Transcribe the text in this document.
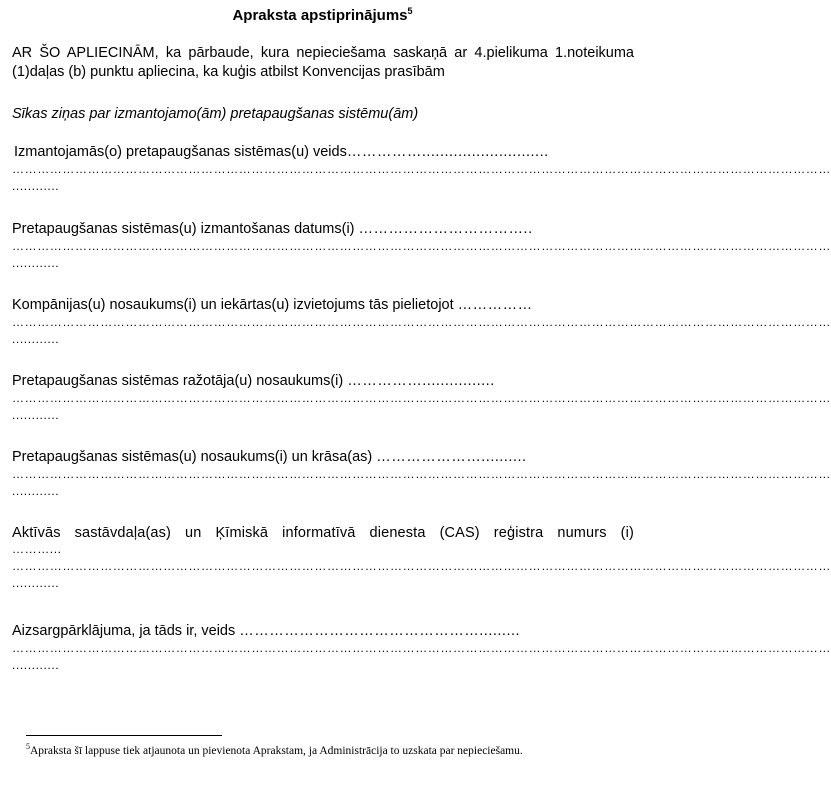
Apraksta apstiprinājums$^5$
AR ŠO APLIECINĀM, ka pārbaude, kura nepieciešama saskaņā ar 4.pielikuma 1.noteikuma (1)daļas (b) punktu apliecina, ka kuģis atbilst Konvencijas prasībām
Sīkas ziņas par izmantojamo(ām) pretapaugšanas sistēmu(ām)
Izmantojamās(o) pretapaugšanas sistēmas(u) veids……………............................
……………………………………………………………………………………………………………………………………………………………………………
............
Pretapaugšanas sistēmas(u) izmantošanas datums(i) ……………………………..
……………………………………………………………………………………………………………………………………………………………………………
............
Kompānijas(u) nosaukums(i) un iekārtas(u) izvietojums tās pielietojot ……………
……………………………………………………………………………………………………………………………………………………………………………
............
Pretapaugšanas sistēmas ražotāja(u) nosaukums(i) ……………................
……………………………………………………………………………………………………………………………………………………………………………
............
Pretapaugšanas sistēmas(u) nosaukums(i) un krāsa(as) …………………..........
……………………………………………………………………………………………………………………………………………………………………………
............
Aktīvās sastāvdaļa(as) un Ķīmiskā informatīvā dienesta (CAS) reģistra numurs (i)
………...
……………………………………………………………………………………………………………………………………………………………………………
............
Aizsargpārklājuma, ja tāds ir, veids ………………………………………….........
……………………………………………………………………………………………………………………………………………………………………………
............
$^5$Apraksta šī lappuse tiek atjaunota un pievienota Aprakstam, ja Administrācija to uzskata par nepieciešamu.
